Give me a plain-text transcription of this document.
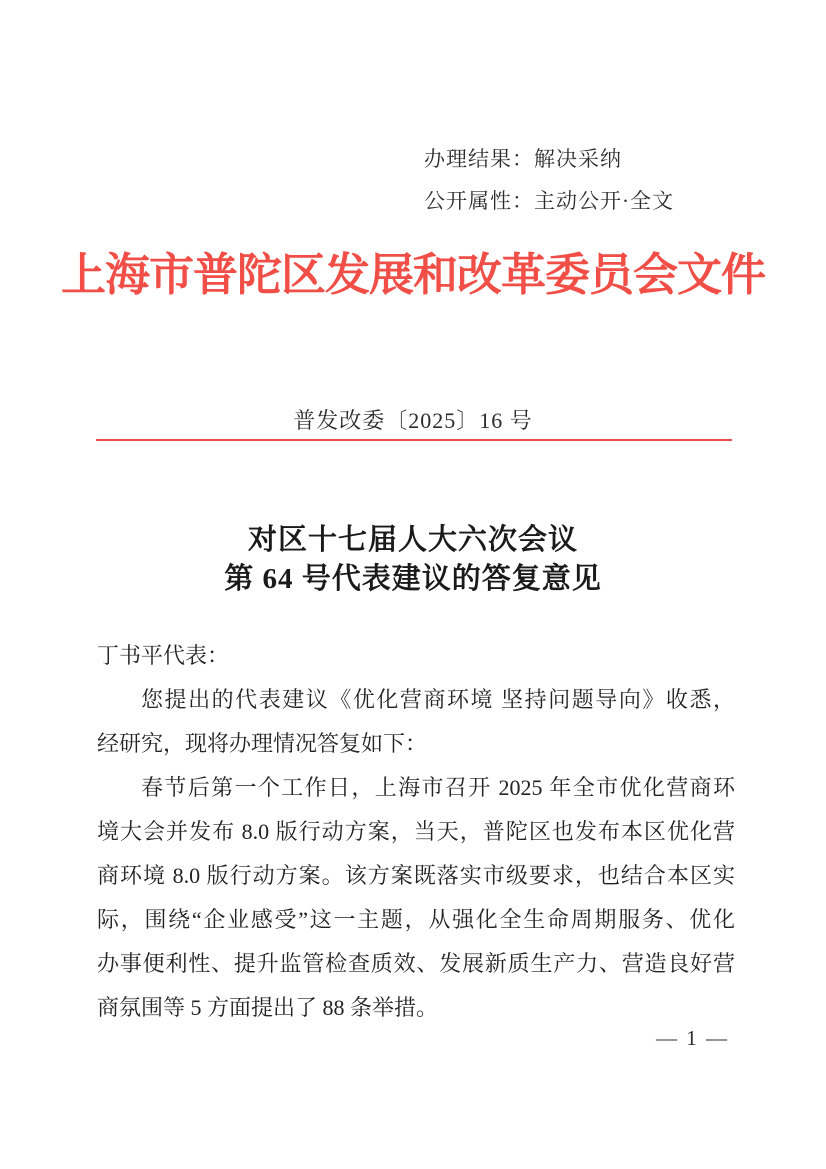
办理结果：解决采纳
公开属性：主动公开·全文
上海市普陀区发展和改革委员会文件
普发改委〔2025〕16 号
对区十七届人大六次会议
第 64 号代表建议的答复意见
丁书平代表：
您提出的代表建议《优化营商环境 坚持问题导向》收悉，
经研究，现将办理情况答复如下：
春节后第一个工作日，上海市召开 2025 年全市优化营商环
境大会并发布 8.0 版行动方案，当天，普陀区也发布本区优化营
商环境 8.0 版行动方案。该方案既落实市级要求，也结合本区实
际，围绕“企业感受”这一主题，从强化全生命周期服务、优化
办事便利性、提升监管检查质效、发展新质生产力、营造良好营
商氛围等 5 方面提出了 88 条举措。
— 1 —
